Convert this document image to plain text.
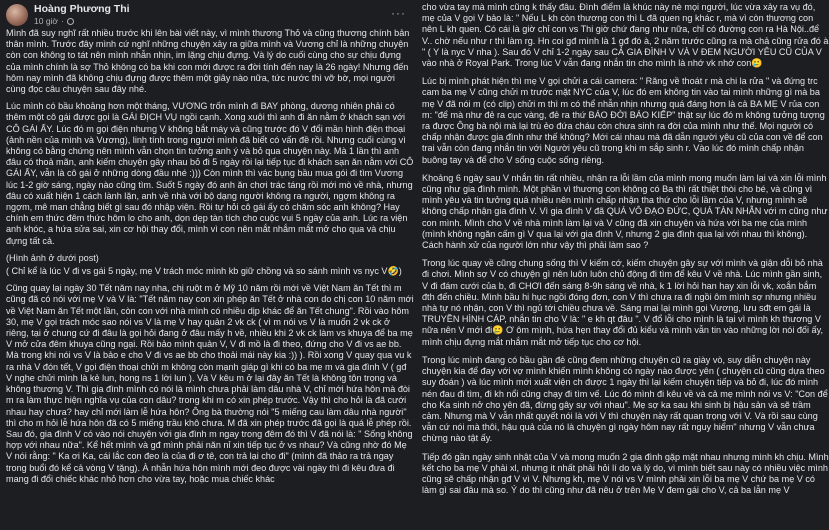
Hoàng Phương Thi
10 giờ ·
···

Mình đã suy nghĩ rất nhiều trước khi lên bài viết này, vì mình thương Thỏ và cũng thương chính bản thân mình. Trước đây mình cứ nghĩ những chuyện xảy ra giữa mình và Vương chỉ là những chuyện còn con không to tát nên mình nhẫn nhịn, im lặng chịu đựng. Và lý do cuối cùng cho sự chịu đựng của mình chính là sợ Thỏ không có ba khi con mới được ra đời tính đến nay là 26 ngày! Nhưng đến hôm nay mình đã không chịu đựng được thêm một giây nào nữa, tức nước thì vỡ bờ, mọi người cùng đọc câu chuyện sau đây nhé.

Lúc mình có bầu khoảng hơn một tháng, VƯƠNG trốn mình đi BAY phòng, dương nhiên phải có thêm một cô gái được gọi là GÁI ĐỊCH VỤ ngồi cạnh. Xong xuôi thì anh đi ăn nằm ở khách sạn với CÔ GÁI ẤY. Lúc đó m gọi điện nhưng V không bắt máy và cũng trước đó V đổi mần hình điện thoại (ảnh nền của mình và Vương), linh tính trong người mình đã biết có vấn đề rồi. Nhưng cuối cùng vì không có bằng chứng nên mình vẫn chọn tin tưởng anh ý và bỏ qua chuyện này. Mà 1 lần thì anh đâu có thoả mãn, anh kiếm chuyện gây nhau bỏ đi 5 ngày rồi lại tiếp tục đi khách sạn ăn nằm với CÔ GÁI ẤY, vẫn là cô gái ở những dòng đầu nhé :))) Còn mình thì vác bụng bầu mua gói đi tìm Vương lúc 1-2 giờ sáng, ngày nào cũng tìm. Suốt 5 ngày đó anh ăn chơi trác táng rồi mới mò về nhà, nhưng đâu có xuất hiện 1 cách lành lặn, anh về nhà với bộ dạng người không ra người, ngợm không ra ngợm, mê man chẳng biết gì sau đó nhập viện. Rồi tự hỏi cô gái ấy có chăm sóc anh không? Hay chính em thức đêm thức hôm lo cho anh, dọn dẹp tàn tích cho cuộc vui 5 ngày của anh. Lúc ra viện anh khóc, a hứa sửa sai, xin cơ hội thay đổi, mình vì con nên mắt nhắm mắt mở cho qua và chịu đựng tất cả.

(Hình ảnh ở dưới post)

( Chỉ kể là lúc V đi vs gái 5 ngày, mẹ V trách móc mình kb giữ chồng và so sánh mình vs nyc V🤣)

Cũng quay lại ngày 30 Tết năm nay nha, chị ruột m ở Mỹ 10 năm rồi mới về Việt Nam ăn Tết thì m cũng đã có nói với mẹ V và V là: "Tết năm nay con xin phép ăn Tết ở nhà con do chị con 10 năm mới về Việt Nam ăn Tết một lần, còn con với nhà mình có nhiều dịp khác để ăn Tết chung". Rồi vào hôm 30, mẹ V gọi trách móc sao nói vs V là mẹ V hay quản 2 vk ck ( vì m nói vs V là muốn 2 vk ck ở riêng, tại ở chung cứ đi đâu là gọi hỏi đang ở đâu mấy h về, nhiều khi 2 vk ck làm vs khuya để ba mẹ V mở cửa đêm khuya cũng ngại. Rồi bảo mình quản V, V đi mồ là đi theo, đứng cho V đi vs ae bb. Mà trong khi nói vs V là bảo e cho V đi vs ae bb cho thoải mái này kia :)) ). Rồi xong V quay qua vu k ra nhà V đón tết, V gọi điện thoại chửi m không còn mạnh giáp gì khi có ba mẹ m và gia đình V ( gđ V nghe chửi mình là kẻ lun, hong ns 1 lời lun ). Và V kêu m ở lại đây ăn Tết là không tôn trọng và không thương V. Thì gia đình mình có nói là mình chưa phải làm dâu nhà V, chỉ mới hứa hôn mà đòi m ra làm thực hiện nghĩa vụ của con dâu? trong khi m có xin phép trước. Vậy thì cho hỏi là đã cưới nhau hay chưa? hay chỉ mới làm lễ hứa hôn? Ông bà thường nói "5 miếng cau làm dâu nhà người" thì cho m hỏi lễ hứa hôn đã có 5 miếng trầu khô chưa. M đã xin phép trước đã gọi là quá lễ phép rồi. Sau đó, gia đình V có vào nói chuyện với gia đình m ngay trong đêm đó thì V đã nói là: " Sống không hợp với nhau nữa". Kể hết mình và gđ mình phải năn nỉ xin tiếp tục ở vs nhau? Và cũng nhờ đó Mẹ V nói rằng: " Ka ơi Ka, cái lắc con đeo là của đi ơ tê, con trả lại cho đi" (mình đã thảo ra trả ngay trong buổi đó kể cả vòng V tặng). À nhẫn hứa hôn mình mới đeo được vài ngày thì đi kêu đưa đi mang đi đổi chiếc khác nhỏ hơn cho vừa tay, hoặc mua chiếc khác

cho vừa tay mà mình cũng k thấy đâu. Đình điểm là khúc này nè mọi người, lúc vừa xảy ra vụ đó, mẹ của V gọi V bảo là: " Nếu L kh còn thương con thì L đã quen ng khác r, mà vì còn thương con nên L kh quen. Có cái là giờ chỉ con vs Thi giờ chứ đang như nữa, chỉ có đường con ra Hà Nội..để V.. chờ nếu như r thì làm rg. Hn coi gđ mình là 1 gđ đó à, 2 năm trước cũng ra mà chả cũng rửa đó à " ( Y là nyc V nha ). Sau đó V chỉ 1-2 ngày sau CẢ GIA ĐÌNH V VÀ V ĐEM NGƯỜI YÊU CŨ CỦA V vào nhà ở Royal Park. Trong lúc V vẫn đang nhắn tin cho mình là nhớ vk nhớ con🥲

Lúc bị mình phát hiện thì mẹ V gọi chửi a cái camera: " Răng về thoát r mà chi la rửa " và đứng trc cam ba mẹ V cũng chửi m trước mặt NYC của V, lúc đó em không tin vào tai mình những gì mà ba mẹ V đã nói m (có clip) chửi m thì m có thể nhẫn nhịn nhưng quá đáng hơn là cả BA MẸ V rủa con m: "để mà như đẻ ra cục vàng, đẻ ra thứ BÁO ĐỜI BÁO KIẾP" thật sự lúc đó m không tưởng tượng ra được Ông bà nội mà lại trù ẻo đứa cháu còn chưa sinh ra đời của mình như thế. Mọi người có chấp nhận được gia đình như thế không? Mới cái nhau mà đã dẫn người yêu cũ của con về để con trai vẫn còn đang nhắn tin với Người yêu cũ trong khi m sắp sinh r. Vào lúc đó mình chấp nhận buông tay và để cho V sống cuộc sống riêng.

Khoảng 6 ngày sau V nhắn tin rất nhiều, nhận ra lỗi lầm của mình mong muốn làm lại và xin lỗi mình cũng như gia đình mình. Một phần vì thương con không có Ba thì rất thiệt thòi cho bé, và cũng vì mình yêu và tin tưởng quá nhiều nên mình chấp nhận tha thứ cho lỗi lầm của V, nhưng mình sẽ không chấp nhận gia đình V. Vì gia đình V đã QUÁ VÔ ĐẠO ĐỨC, QUÁ TÀN NHẪN với m cũng như con mình. Mình cho V về nhà mình làm lại và V cũng đã xin chuyện và hứa với ba mẹ của mình (mình không ngăn cấm gì V qua lại với gia đình V, nhưng 2 gia đình qua lại với nhau thì không). Cách hành xử của người lớn như vậy thì phải làm sao ?

Trong lúc quay về cũng chung sống thì V kiếm cớ, kiếm chuyện gây sự với mình và giận dỗi bỏ nhà đi chơi. Mình sợ V có chuyện gì nên luôn luôn chủ động đi tìm để kêu V về nhà. Lúc mình gần sinh, V đi đám cưới của b, đi CHƠI đến sáng 8-9h sáng về nhà, k 1 lời hỏi han hay xin lỗi vk, xoắn bắm đth đến chiều. Mình bầu hi hục ngồi đóng đơn, con V thì chưa ra đi ngồi ôm mình sợ nhưng nhiều nhà tự nó nhận, con V thì ngủ tới chiều chưa về. Sáng mai lại mình gọi Vương, lưu sđt em gái là TRUYỀN HÌNH CÁP, nhắn tin cho V là: " e kh qt đâu ". V đổ lỗi cho mình là tại vì mình kh thương V nữa nên V mới đi🥲 Ơ ôm mình, hứa hẹn thay đổi đủ kiểu và mình vẫn tin vào những lời nói đối ấy, mình chịu đựng mắt nhắm mắt mở tiếp tục cho cơ hội.

Trong lúc mình đang có bầu gần đẻ cũng đem những chuyện cũ ra giày vò, suy diễn chuyện này chuyện kia để đay với vợ mình khiến mình không có ngày nào được yên ( chuyện cũ cũng dựa theo suy đoán ) và lúc mình mới xuất viện ch được 1 ngày thì lại kiếm chuyện tiếp và bỏ đi, lúc đó mình nén đau đi tìm, đi kh nổi cũng chạy đi tìm vế. Lúc đó mình đi kêu về và cả mẹ mình nói vs V: "Con để cho Ka sinh nở cho yên đã, đừng gây sự với nhau". Mẹ sợ ka sau khi sinh bị hậu sản và sẽ trầm cảm. Nhưng mà V vẫn nhất quyết nói là với V thì chuyện này rất quan trọng với V. Và rồi sau cùng vẫn cứ nói mà thôi, hậu quả của nó là chuyện gì ngày hôm nay rất nguy hiểm" nhưng V vẫn chưa chừng nào tật ấy.

Tiếp đó gần ngày sinh nhật của V và mong muốn 2 gia đình gặp mặt nhau nhưng mình kh chịu. Mình kết cho ba mẹ V phải xl, nhưng it nhất phải hỏi lí do và lý do, vì mình biết sau này có nhiều việc mình cũng sẽ chấp nhận gđ V vì V. Nhưng kh, mẹ V nói vs V mình phải xin lỗi ba mẹ V chứ ba mẹ V có làm gì sai đâu mà so. Ý do thì cũng như đã nêu ở trên Mẹ V đem gái cho V, cả ba lẫn mẹ V
